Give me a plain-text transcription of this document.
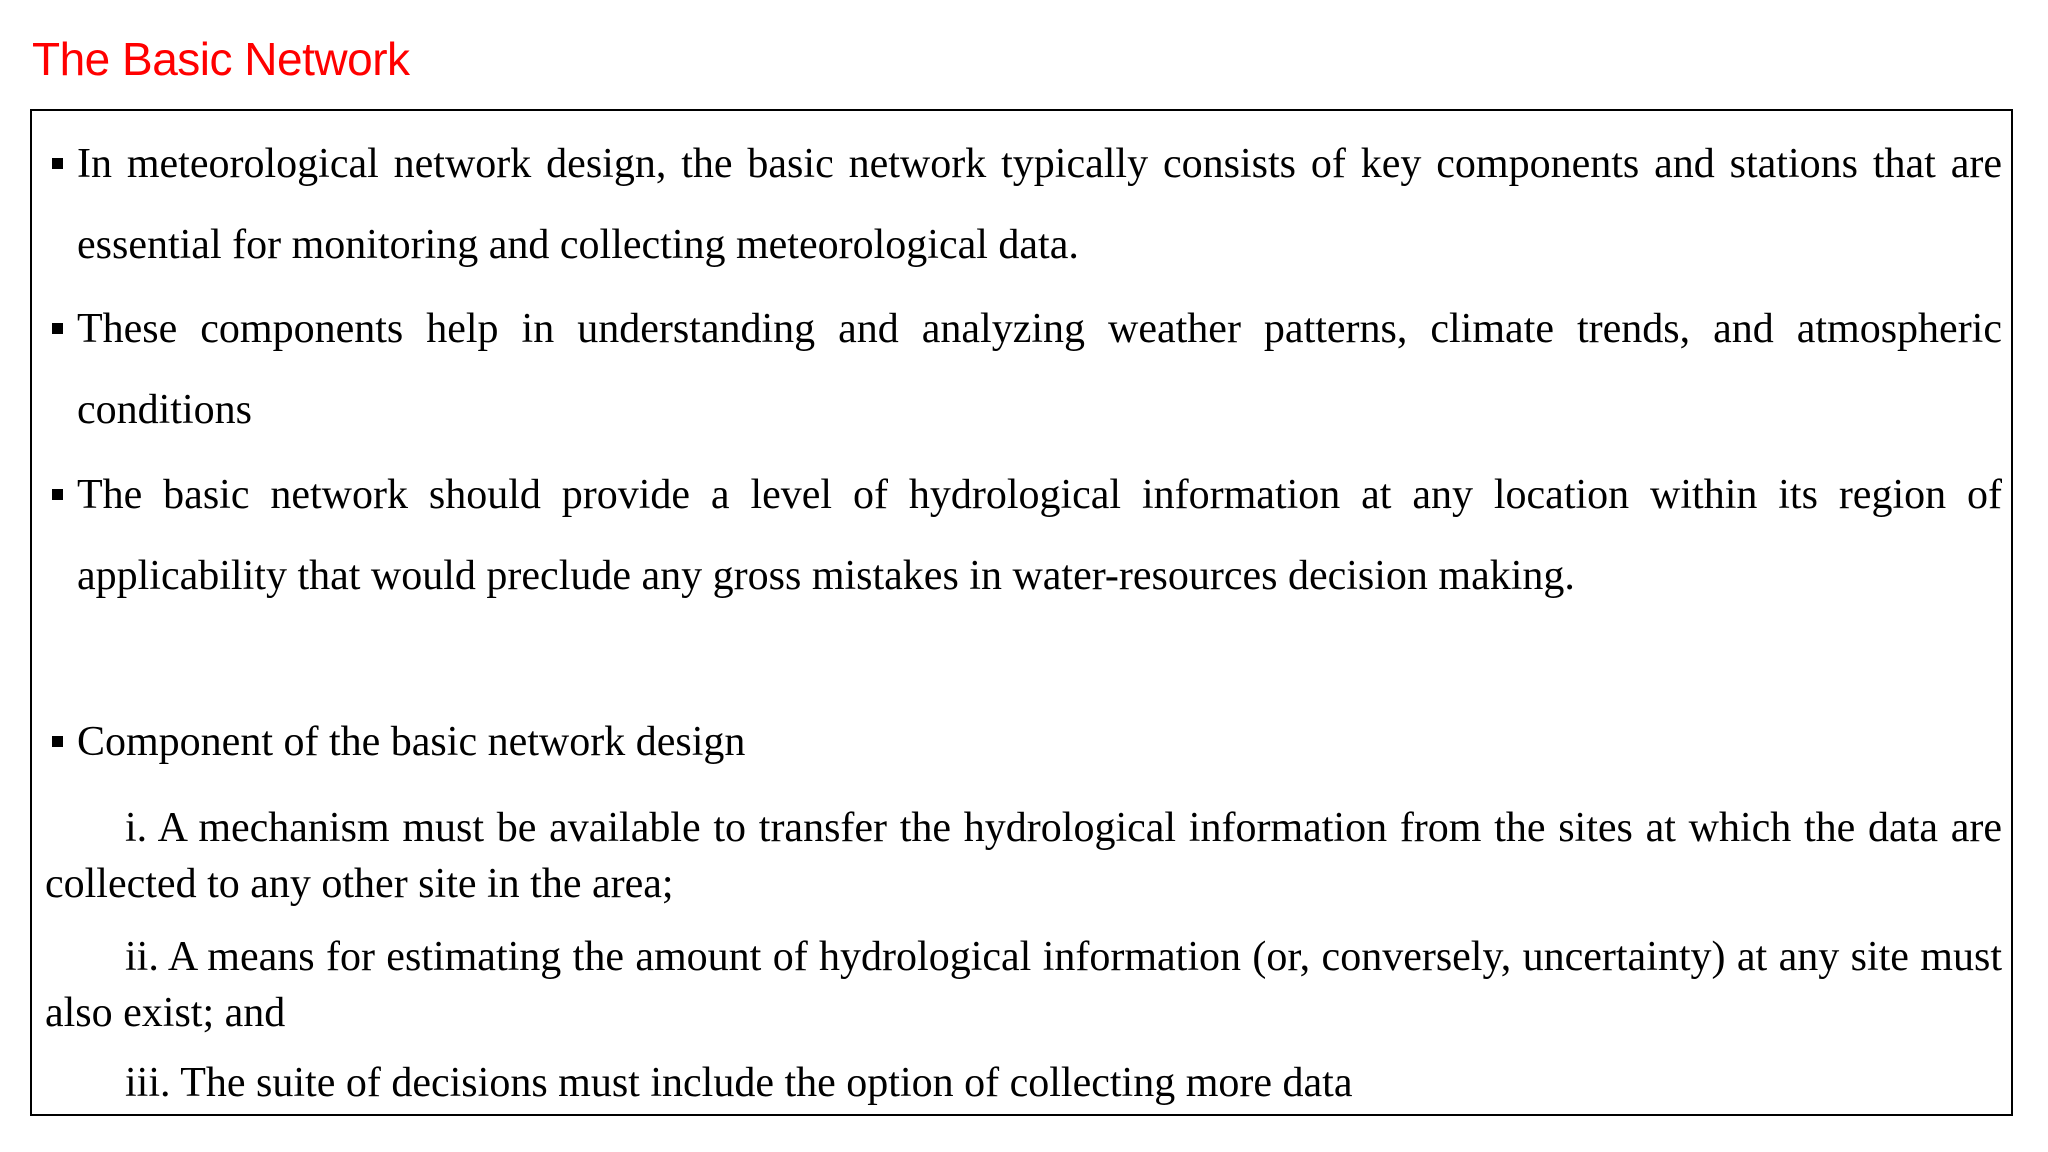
The Basic Network

In meteorological network design, the basic network typically consists of key components and stations that are essential for monitoring and collecting meteorological data.

These components help in understanding and analyzing weather patterns, climate trends, and atmospheric conditions

The basic network should provide a level of hydrological information at any location within its region of applicability that would preclude any gross mistakes in water-resources decision making.

Component of the basic network design

i. A mechanism must be available to transfer the hydrological information from the sites at which the data are collected to any other site in the area;

ii. A means for estimating the amount of hydrological information (or, conversely, uncertainty) at any site must also exist; and

iii. The suite of decisions must include the option of collecting more data
